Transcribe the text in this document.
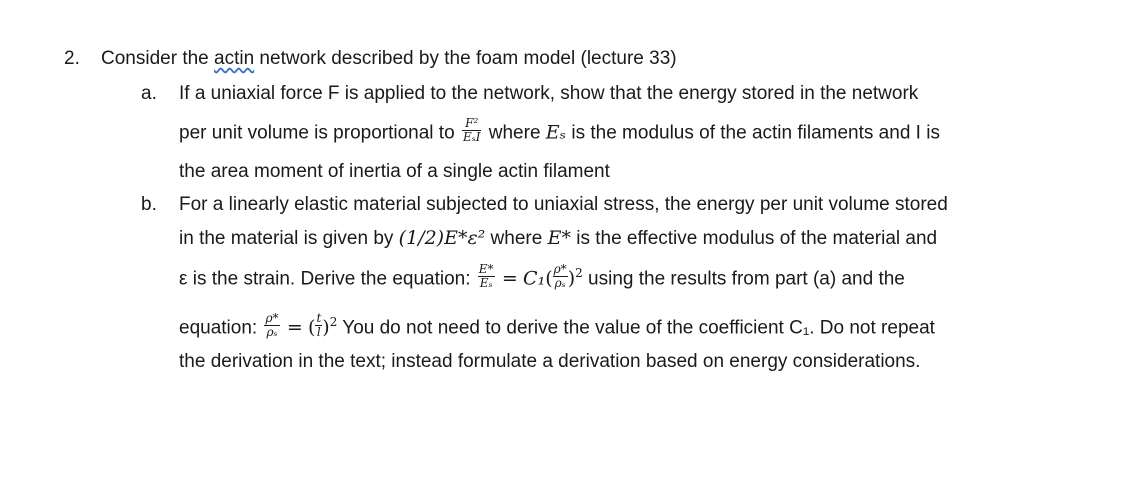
2. Consider the actin network described by the foam model (lecture 33)
a. If a uniaxial force F is applied to the network, show that the energy stored in the network
per unit volume is proportional to $\frac{\text{F²}}{\text{EₛI}}$ where Eₛ is the modulus of the actin filaments and I is
the area moment of inertia of a single actin filament
b. For a linearly elastic material subjected to uniaxial stress, the energy per unit volume stored
in the material is given by (1/2)E*ε² where E* is the effective modulus of the material and
ε is the strain. Derive the equation: $\frac{E*}{\text{Eₛ}} = C_1( \frac{\rho*}{\text{ρₛ}} )^2$ using the results from part (a) and the
equation: $\frac{\rho*}{\text{ρₛ}}$ = ( $\frac{t}{l} )^2$ You do not need to derive the value of the coefficient C₁. Do not repeat
the derivation in the text; instead formulate a derivation based on energy considerations.
